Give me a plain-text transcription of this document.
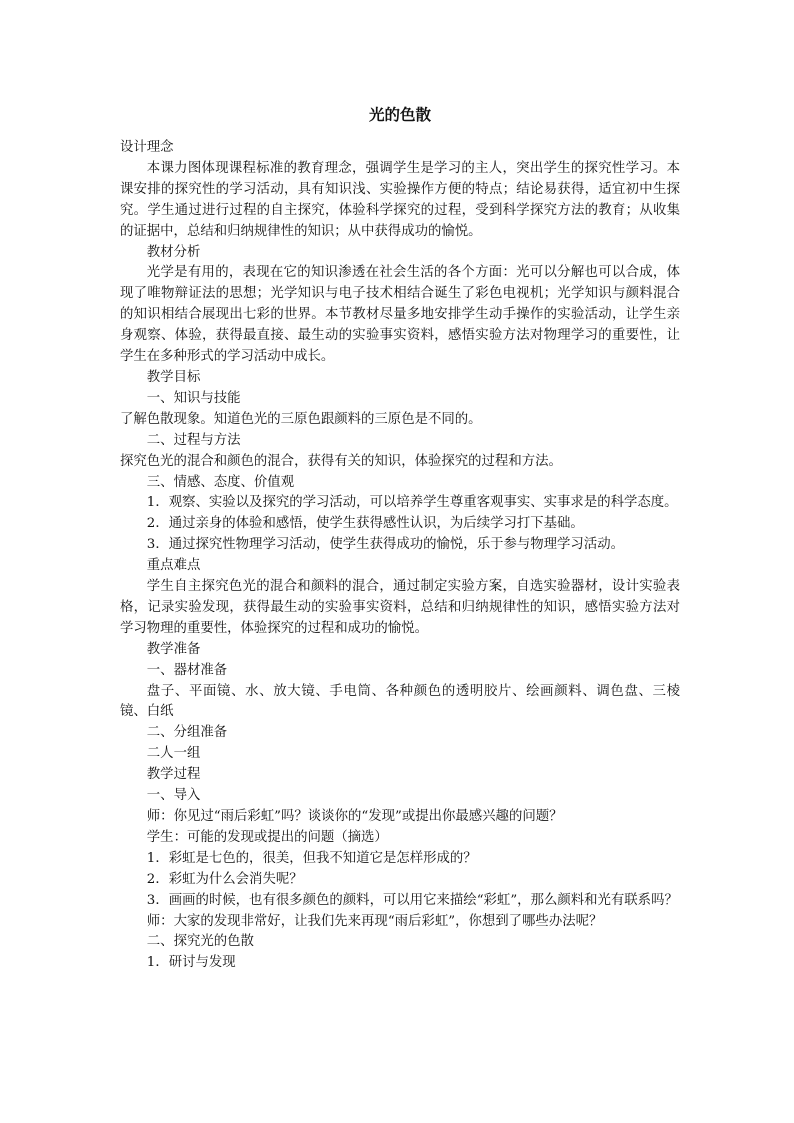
光的色散

设计理念

本课力图体现课程标准的教育理念，强调学生是学习的主人，突出学生的探究性学习。本课安排的探究性的学习活动，具有知识浅、实验操作方便的特点；结论易获得，适宜初中生探究。学生通过进行过程的自主探究，体验科学探究的过程，受到科学探究方法的教育；从收集的证据中，总结和归纳规律性的知识；从中获得成功的愉悦。

教材分析

光学是有用的，表现在它的知识渗透在社会生活的各个方面：光可以分解也可以合成，体现了唯物辩证法的思想；光学知识与电子技术相结合诞生了彩色电视机；光学知识与颜料混合的知识相结合展现出七彩的世界。本节教材尽量多地安排学生动手操作的实验活动，让学生亲身观察、体验，获得最直接、最生动的实验事实资料，感悟实验方法对物理学习的重要性，让学生在多种形式的学习活动中成长。

教学目标

一、知识与技能

了解色散现象。知道色光的三原色跟颜料的三原色是不同的。

二、过程与方法

探究色光的混合和颜色的混合，获得有关的知识，体验探究的过程和方法。

三、情感、态度、价值观

1．观察、实验以及探究的学习活动，可以培养学生尊重客观事实、实事求是的科学态度。

2．通过亲身的体验和感悟，使学生获得感性认识，为后续学习打下基础。

3．通过探究性物理学习活动，使学生获得成功的愉悦，乐于参与物理学习活动。

重点难点

学生自主探究色光的混合和颜料的混合，通过制定实验方案，自选实验器材，设计实验表格，记录实验发现，获得最生动的实验事实资料，总结和归纳规律性的知识，感悟实验方法对学习物理的重要性，体验探究的过程和成功的愉悦。

教学准备

一、器材准备

盘子、平面镜、水、放大镜、手电筒、各种颜色的透明胶片、绘画颜料、调色盘、三棱镜、白纸

二、分组准备

二人一组

教学过程

一、导入

师：你见过“雨后彩虹”吗？谈谈你的“发现”或提出你最感兴趣的问题？

学生：可能的发现或提出的问题（摘选）

1．彩虹是七色的，很美，但我不知道它是怎样形成的？

2．彩虹为什么会消失呢？

3．画画的时候，也有很多颜色的颜料，可以用它来描绘“彩虹”，那么颜料和光有联系吗？

师：大家的发现非常好，让我们先来再现“雨后彩虹”，你想到了哪些办法呢？

二、探究光的色散

1．研讨与发现
